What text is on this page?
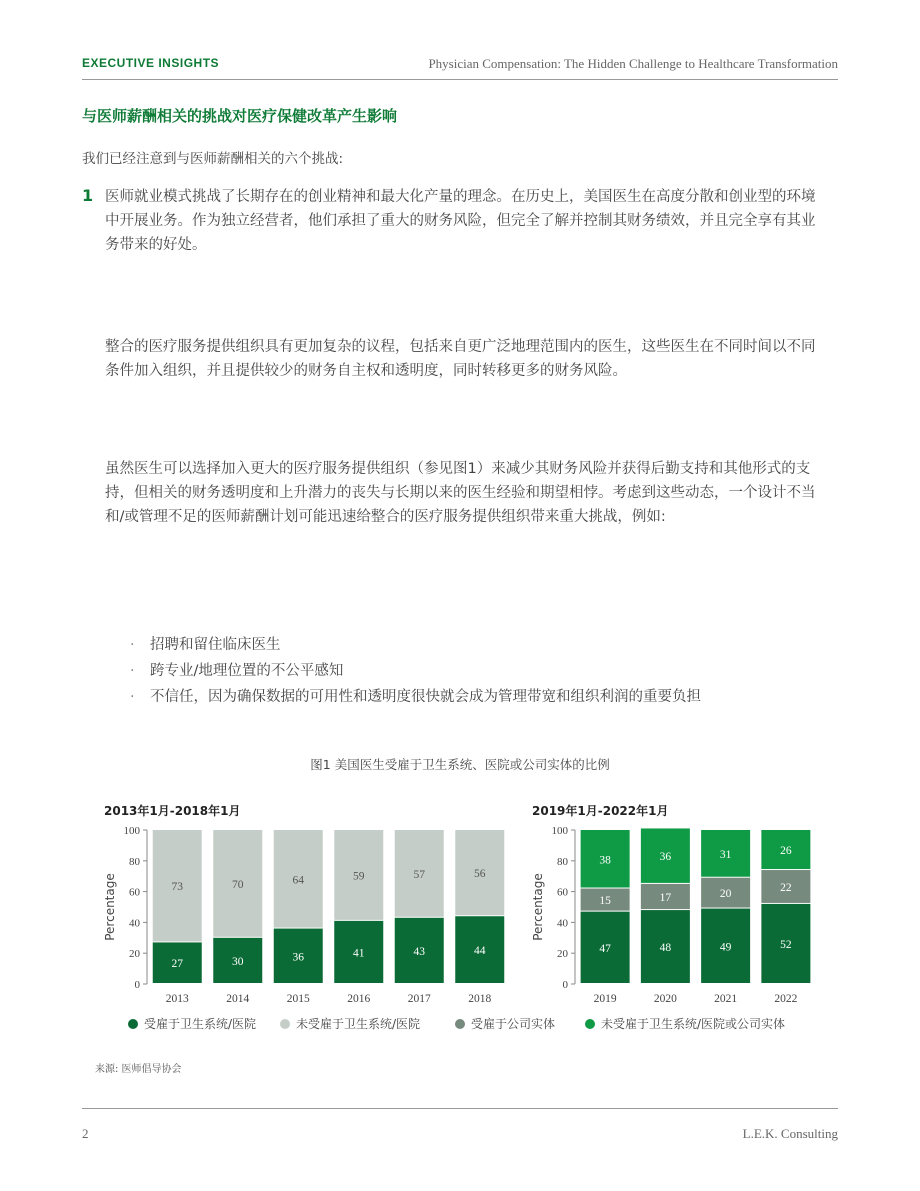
EXECUTIVE INSIGHTS	Physician Compensation: The Hidden Challenge to Healthcare Transformation
与医师薪酬相关的挑战对医疗保健改革产生影响
我们已经注意到与医师薪酬相关的六个挑战:
1 医师就业模式挑战了长期存在的创业精神和最大化产量的理念。在历史上，美国医生在高度分散和创业型的环境中开展业务。作为独立经营者，他们承担了重大的财务风险，但完全了解并控制其财务绩效，并且完全享有其业务带来的好处。

整合的医疗服务提供组织具有更加复杂的议程，包括来自更广泛地理范围内的医生，这些医生在不同时间以不同条件加入组织，并且提供较少的财务自主权和透明度，同时转移更多的财务风险。

虽然医生可以选择加入更大的医疗服务提供组织（参见图1）来减少其财务风险并获得后勤支持和其他形式的支持，但相关的财务透明度和上升潜力的丧失与长期以来的医生经验和期望相悖。考虑到这些动态，一个设计不当和/或管理不足的医师薪酬计划可能迅速给整合的医疗服务提供组织带来重大挑战，例如:

· 招聘和留住临床医生
· 跨专业/地理位置的不公平感知
· 不信任，因为确保数据的可用性和透明度很快就会成为管理带宽和组织利润的重要负担
图1 美国医生受雇于卫生系统、医院或公司实体的比例
2013年1月-2018年1月
0
20
40
60
80
100
Percentage
27
73
2013
30
70
2014
36
64
2015
41
59
2016
43
57
2017
44
56
2018
2019年1月-2022年1月
0
20
40
60
80
100
Percentage
47
15
38
2019
48
17
36
2020
49
20
31
2021
52
22
26
2022
受雇于卫生系统/医院	未受雇于卫生系统/医院	受雇于公司实体	未受雇于卫生系统/医院或公司实体
来源: 医师倡导协会
2	L.E.K. Consulting
